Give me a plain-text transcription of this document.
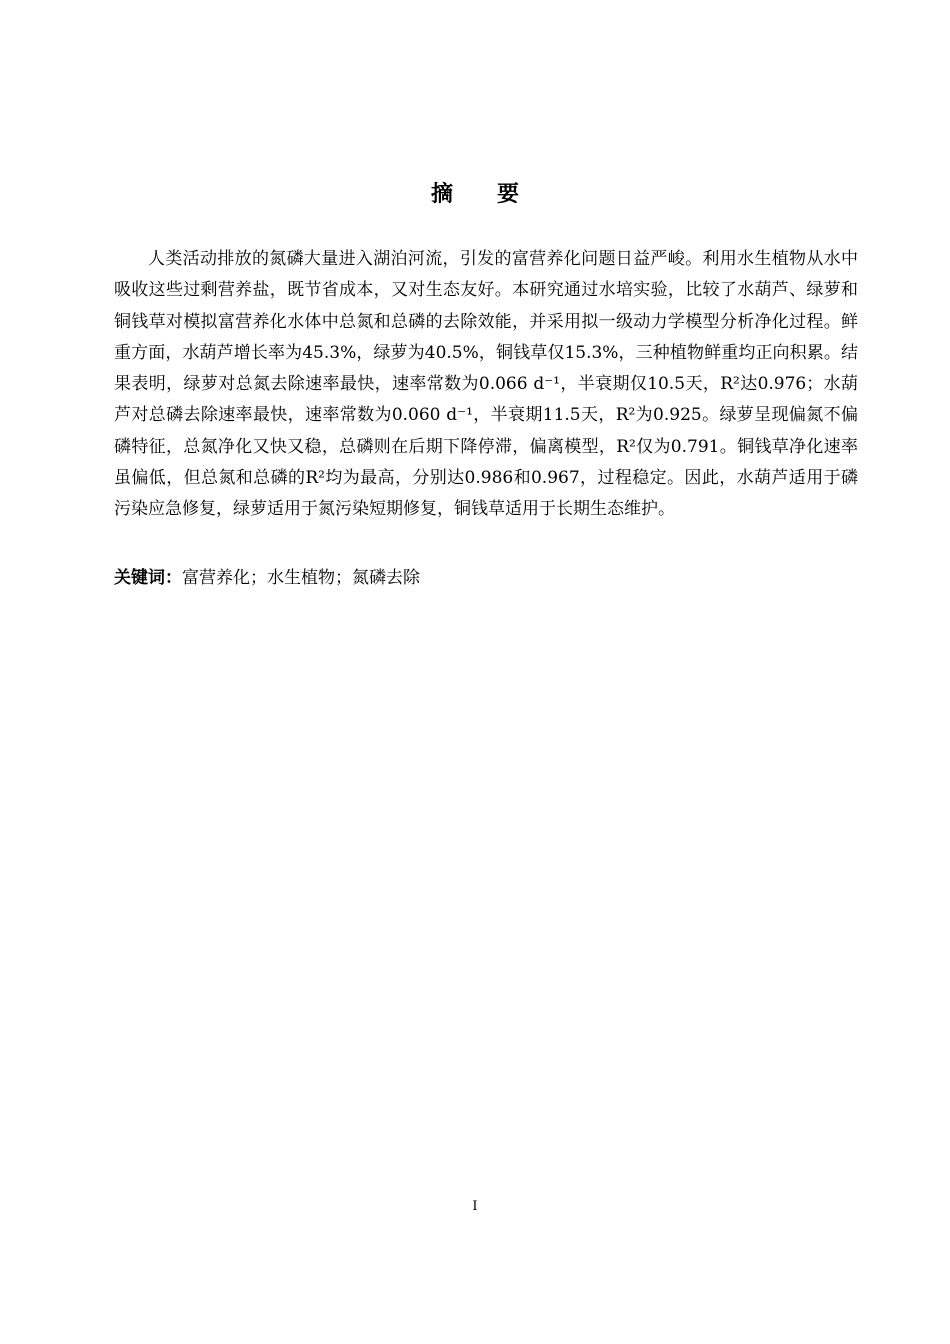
摘 要

人类活动排放的氮磷大量进入湖泊河流，引发的富营养化问题日益严峻。利用水生植物从水中吸收这些过剩营养盐，既节省成本，又对生态友好。本研究通过水培实验，比较了水葫芦、绿萝和铜钱草对模拟富营养化水体中总氮和总磷的去除效能，并采用拟一级动力学模型分析净化过程。鲜重方面，水葫芦增长率为45.3%，绿萝为40.5%，铜钱草仅15.3%，三种植物鲜重均正向积累。结果表明，绿萝对总氮去除速率最快，速率常数为0.066 d⁻¹，半衰期仅10.5天，R²达0.976；水葫芦对总磷去除速率最快，速率常数为0.060 d⁻¹，半衰期11.5天，R²为0.925。绿萝呈现偏氮不偏磷特征，总氮净化又快又稳，总磷则在后期下降停滞，偏离模型，R²仅为0.791。铜钱草净化速率虽偏低，但总氮和总磷的R²均为最高，分别达0.986和0.967，过程稳定。因此，水葫芦适用于磷污染应急修复，绿萝适用于氮污染短期修复，铜钱草适用于长期生态维护。

关键词：富营养化；水生植物；氮磷去除

I
